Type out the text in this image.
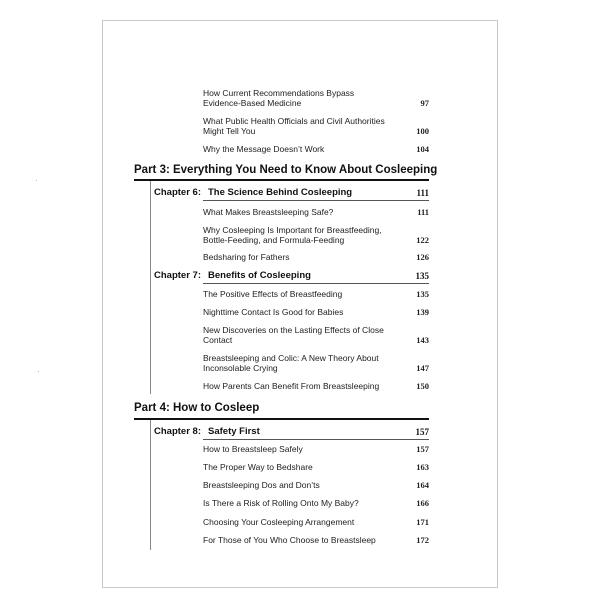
How Current Recommendations Bypass Evidence-Based Medicine	97
What Public Health Officials and Civil Authorities Might Tell You	100
Why the Message Doesn’t Work	104
Part 3: Everything You Need to Know About Cosleeping
Chapter 6: The Science Behind Cosleeping	111
What Makes Breastsleeping Safe?	111
Why Cosleeping Is Important for Breastfeeding, Bottle-Feeding, and Formula-Feeding	122
Bedsharing for Fathers	126
Chapter 7: Benefits of Cosleeping	135
The Positive Effects of Breastfeeding	135
Nighttime Contact Is Good for Babies	139
New Discoveries on the Lasting Effects of Close Contact	143
Breastsleeping and Colic: A New Theory About Inconsolable Crying	147
How Parents Can Benefit From Breastsleeping	150
Part 4: How to Cosleep
Chapter 8: Safety First	157
How to Breastsleep Safely	157
The Proper Way to Bedshare	163
Breastsleeping Dos and Don’ts	164
Is There a Risk of Rolling Onto My Baby?	166
Choosing Your Cosleeping Arrangement	171
For Those of You Who Choose to Breastsleep	172
